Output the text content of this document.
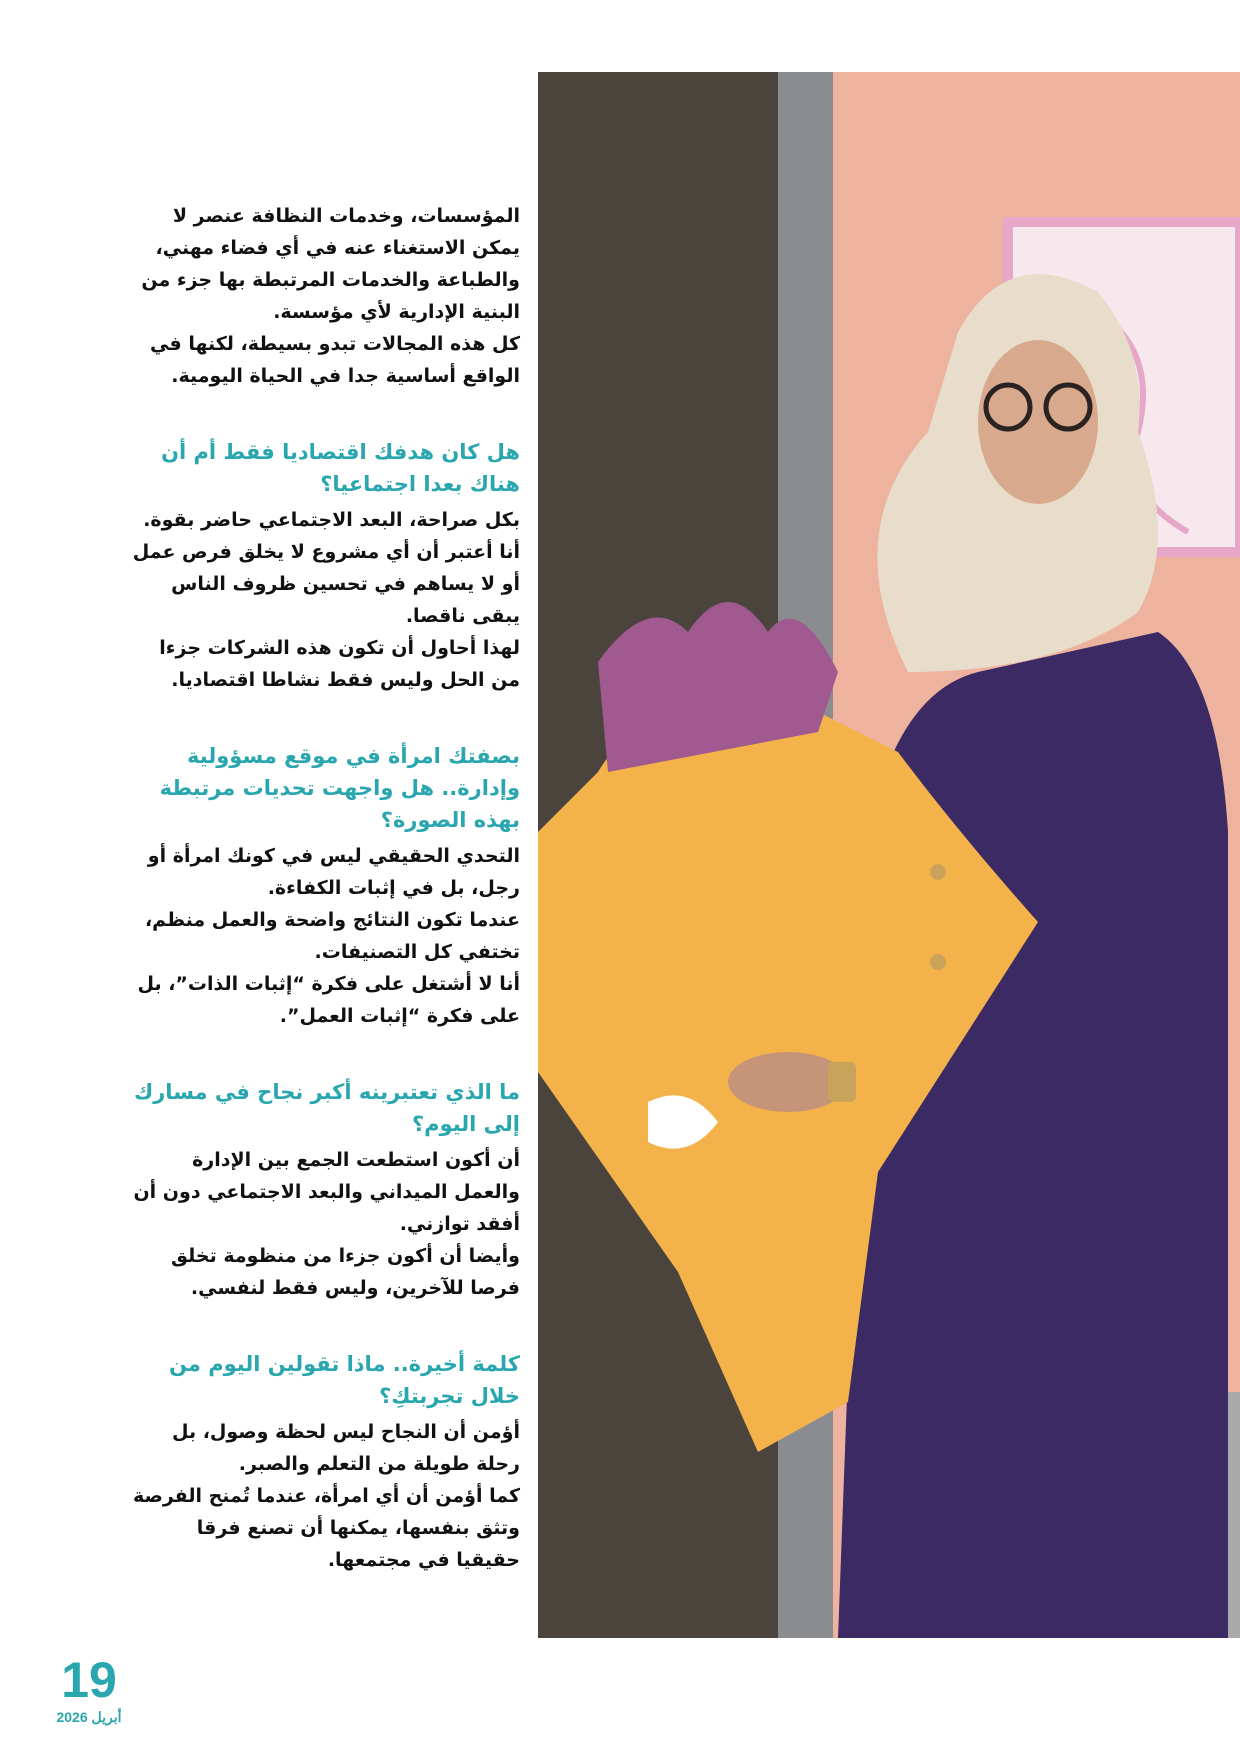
المؤسسات، وخدمات النظافة عنصر لا يمكن الاستغناء عنه في أي فضاء مهني، والطباعة والخدمات المرتبطة بها جزء من البنية الإدارية لأي مؤسسة.

كل هذه المجالات تبدو بسيطة، لكنها في الواقع أساسية جدا في الحياة اليومية.

هل كان هدفك اقتصاديا فقط أم أن هناك بعدا اجتماعيا؟

بكل صراحة، البعد الاجتماعي حاضر بقوة.

أنا أعتبر أن أي مشروع لا يخلق فرص عمل أو لا يساهم في تحسين ظروف الناس يبقى ناقصا.

لهذا أحاول أن تكون هذه الشركات جزءا من الحل وليس فقط نشاطا اقتصاديا.

بصفتك امرأة في موقع مسؤولية وإدارة.. هل واجهت تحديات مرتبطة بهذه الصورة؟

التحدي الحقيقي ليس في كونك امرأة أو رجل، بل في إثبات الكفاءة.

عندما تكون النتائج واضحة والعمل منظم، تختفي كل التصنيفات.

أنا لا أشتغل على فكرة “إثبات الذات”، بل على فكرة “إثبات العمل”.

ما الذي تعتبرينه أكبر نجاح في مسارك إلى اليوم؟

أن أكون استطعت الجمع بين الإدارة والعمل الميداني والبعد الاجتماعي دون أن أفقد توازني.

وأيضا أن أكون جزءا من منظومة تخلق فرصا للآخرين، وليس فقط لنفسي.

كلمة أخيرة.. ماذا تقولين اليوم من خلال تجربتكِ؟

أؤمن أن النجاح ليس لحظة وصول، بل رحلة طويلة من التعلم والصبر.

كما أؤمن أن أي امرأة، عندما تُمنح الفرصة وتثق بنفسها، يمكنها أن تصنع فرقا حقيقيا في مجتمعها.

19
أبريل 2026
